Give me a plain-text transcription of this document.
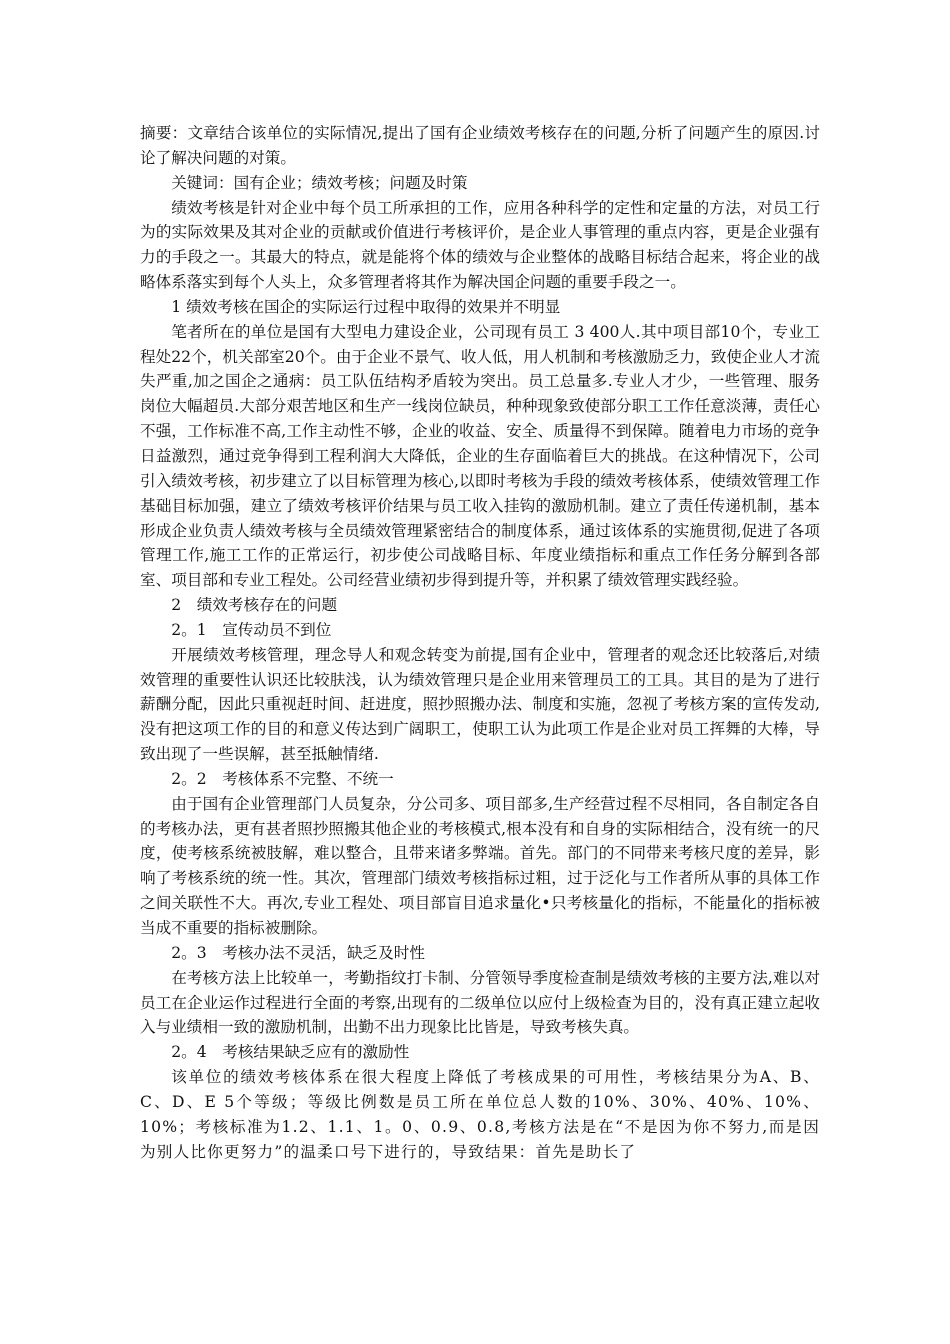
摘要：文章结合该单位的实际情况,提出了国有企业绩效考核存在的问题,分析了问题产生的原因.讨论了解决问题的对策。

关键词：国有企业；绩效考核；问题及时策

绩效考核是针对企业中每个员工所承担的工作，应用各种科学的定性和定量的方法，对员工行为的实际效果及其对企业的贡献或价值进行考核评价，是企业人事管理的重点内容，更是企业强有力的手段之一。其最大的特点，就是能将个体的绩效与企业整体的战略目标结合起来，将企业的战略体系落实到每个人头上，众多管理者将其作为解决国企问题的重要手段之一。

1 绩效考核在国企的实际运行过程中取得的效果并不明显

笔者所在的单位是国有大型电力建设企业，公司现有员工 3 400人.其中项目部10个，专业工程处22个，机关部室20个。由于企业不景气、收人低，用人机制和考核激励乏力，致使企业人才流失严重,加之国企之通病：员工队伍结构矛盾较为突出。员工总量多.专业人才少，一些管理、服务岗位大幅超员.大部分艰苦地区和生产一线岗位缺员，种种现象致使部分职工工作任意淡薄，责任心不强，工作标准不高,工作主动性不够，企业的收益、安全、质量得不到保障。随着电力市场的竞争日益激烈，通过竞争得到工程利润大大降低，企业的生存面临着巨大的挑战。在这种情况下，公司引入绩效考核，初步建立了以目标管理为核心,以即时考核为手段的绩效考核体系，使绩效管理工作基础目标加强，建立了绩效考核评价结果与员工收入挂钩的激励机制。建立了责任传递机制，基本形成企业负责人绩效考核与全员绩效管理紧密结合的制度体系，通过该体系的实施贯彻,促进了各项管理工作,施工工作的正常运行，初步使公司战略目标、年度业绩指标和重点工作任务分解到各部室、项目部和专业工程处。公司经营业绩初步得到提升等，并积累了绩效管理实践经验。

2　绩效考核存在的问题

2。1　宣传动员不到位

开展绩效考核管理，理念导人和观念转变为前提,国有企业中，管理者的观念还比较落后,对绩效管理的重要性认识还比较肤浅，认为绩效管理只是企业用来管理员工的工具。其目的是为了进行薪酬分配，因此只重视赶时间、赶进度，照抄照搬办法、制度和实施，忽视了考核方案的宣传发动,没有把这项工作的目的和意义传达到广阔职工，使职工认为此项工作是企业对员工挥舞的大棒，导致出现了一些误解，甚至抵触情绪.

2。2　考核体系不完整、不统一

由于国有企业管理部门人员复杂，分公司多、项目部多,生产经营过程不尽相同，各自制定各自的考核办法，更有甚者照抄照搬其他企业的考核模式,根本没有和自身的实际相结合，没有统一的尺度，使考核系统被肢解，难以整合，且带来诸多弊端。首先。部门的不同带来考核尺度的差异，影响了考核系统的统一性。其次，管理部门绩效考核指标过粗，过于泛化与工作者所从事的具体工作之间关联性不大。再次,专业工程处、项目部盲目追求量化•只考核量化的指标，不能量化的指标被当成不重要的指标被删除。

2。3　考核办法不灵活，缺乏及时性

在考核方法上比较单一，考勤指纹打卡制、分管领导季度检查制是绩效考核的主要方法,难以对员工在企业运作过程进行全面的考察,出现有的二级单位以应付上级检查为目的，没有真正建立起收入与业绩相一致的激励机制，出勤不出力现象比比皆是，导致考核失真。

2。4　考核结果缺乏应有的激励性

该单位的绩效考核体系在很大程度上降低了考核成果的可用性，考核结果分为A、B、C、D、E 5个等级；等级比例数是员工所在单位总人数的10%、30%、40%、10%、10%；考核标准为1.2、1.1、1。0、0.9、0.8,考核方法是在“不是因为你不努力,而是因为别人比你更努力”的温柔口号下进行的，导致结果：首先是助长了
